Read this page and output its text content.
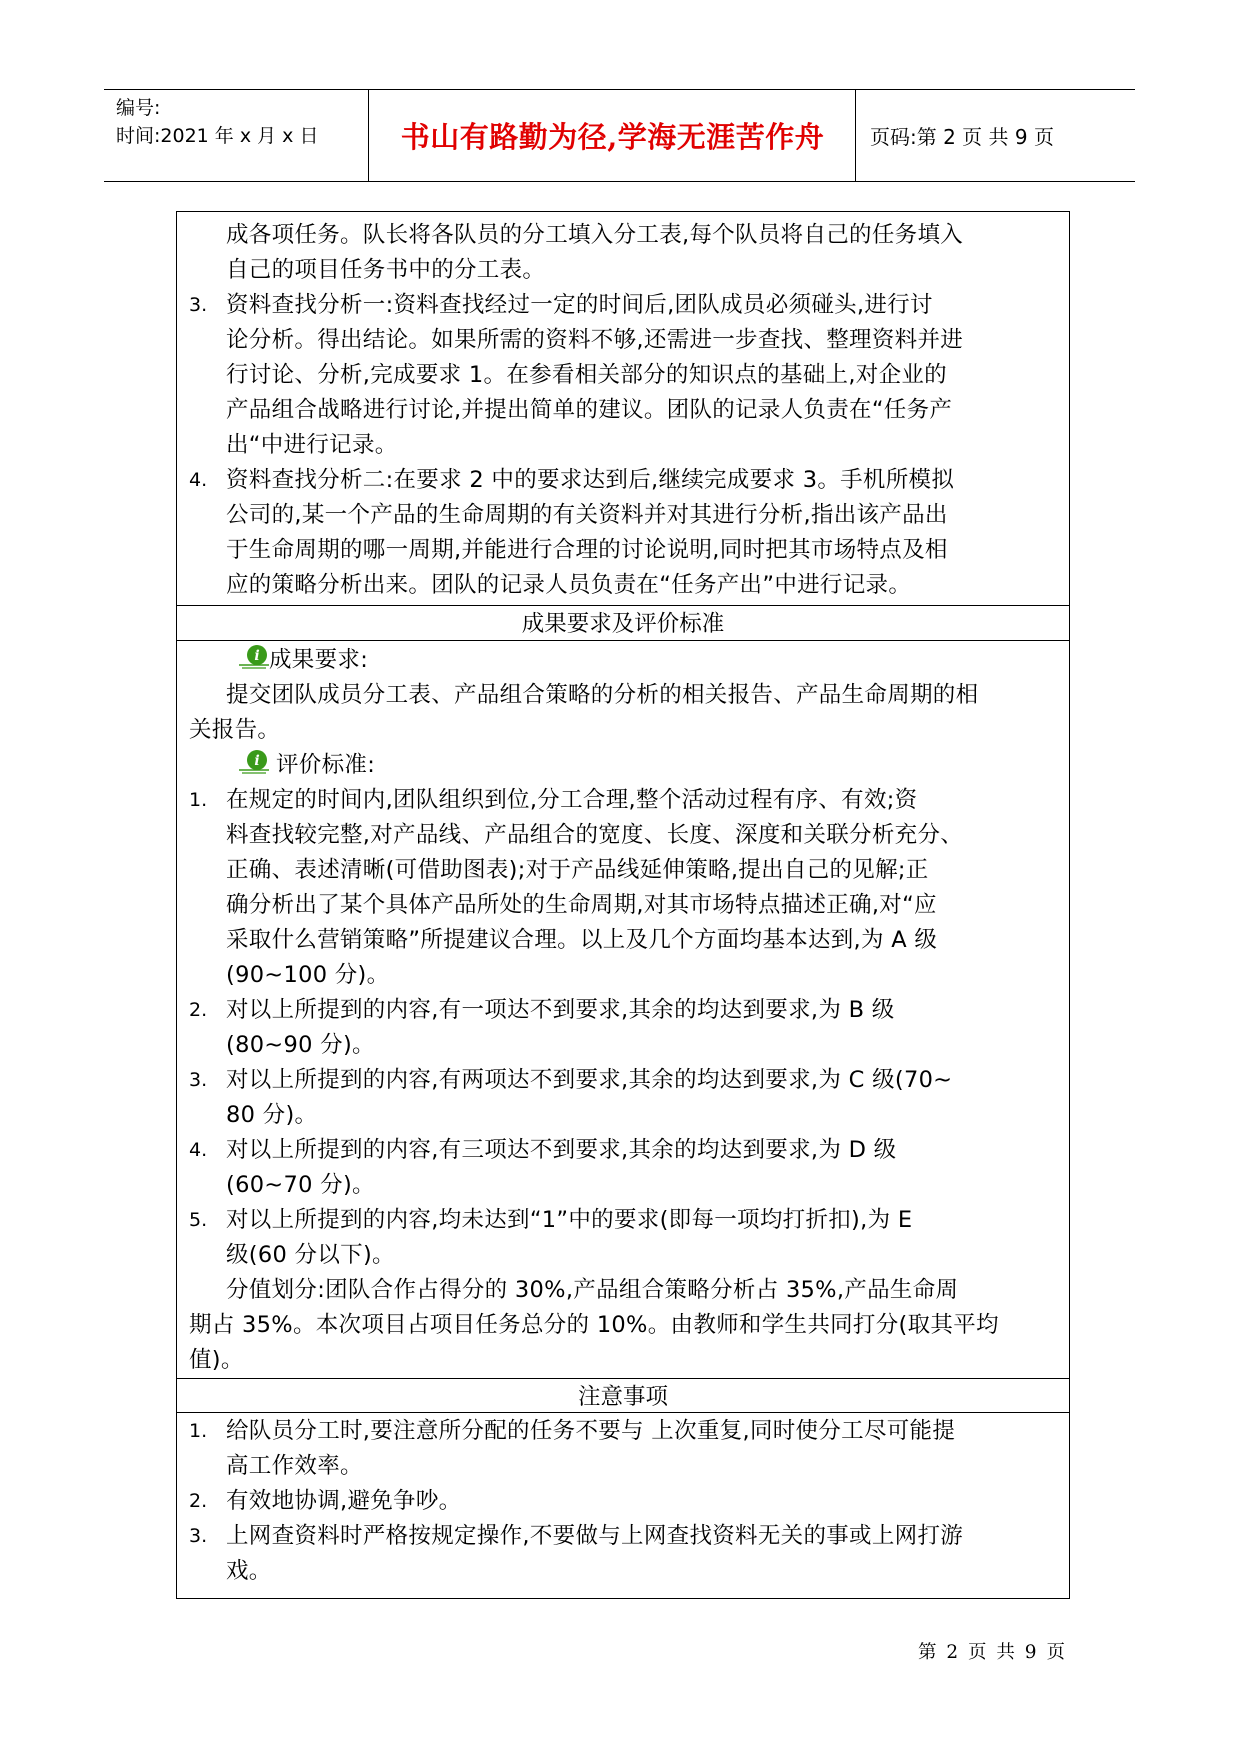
编号:
时间:2021 年 x 月 x 日	书山有路勤为径,学海无涯苦作舟	页码:第 2 页 共 9 页
成各项任务。队长将各队员的分工填入分工表,每个队员将自己的任务填入
自己的项目任务书中的分工表。
3. 资料查找分析一:资料查找经过一定的时间后,团队成员必须碰头,进行讨
论分析。得出结论。如果所需的资料不够,还需进一步查找、整理资料并进
行讨论、分析,完成要求 1。在参看相关部分的知识点的基础上,对企业的
产品组合战略进行讨论,并提出简单的建议。团队的记录人负责在“任务产
出“中进行记录。
4. 资料查找分析二:在要求 2 中的要求达到后,继续完成要求 3。手机所模拟
公司的,某一个产品的生命周期的有关资料并对其进行分析,指出该产品出
于生命周期的哪一周期,并能进行合理的讨论说明,同时把其市场特点及相
应的策略分析出来。团队的记录人员负责在“任务产出”中进行记录。
成果要求及评价标准
i 成果要求:
提交团队成员分工表、产品组合策略的分析的相关报告、产品生命周期的相
关报告。
i 评价标准:
1. 在规定的时间内,团队组织到位,分工合理,整个活动过程有序、有效;资
料查找较完整,对产品线、产品组合的宽度、长度、深度和关联分析充分、
正确、表述清晰(可借助图表);对于产品线延伸策略,提出自己的见解;正
确分析出了某个具体产品所处的生命周期,对其市场特点描述正确,对“应
采取什么营销策略”所提建议合理。以上及几个方面均基本达到,为 A 级
(90~100 分)。
2. 对以上所提到的内容,有一项达不到要求,其余的均达到要求,为 B 级
(80~90 分)。
3. 对以上所提到的内容,有两项达不到要求,其余的均达到要求,为 C 级(70~
80 分)。
4. 对以上所提到的内容,有三项达不到要求,其余的均达到要求,为 D 级
(60~70 分)。
5. 对以上所提到的内容,均未达到“1”中的要求(即每一项均打折扣),为 E
级(60 分以下)。
分值划分:团队合作占得分的 30%,产品组合策略分析占 35%,产品生命周
期占 35%。本次项目占项目任务总分的 10%。由教师和学生共同打分(取其平均
值)。
注意事项
1. 给队员分工时,要注意所分配的任务不要与 上次重复,同时使分工尽可能提
高工作效率。
2. 有效地协调,避免争吵。
3. 上网查资料时严格按规定操作,不要做与上网查找资料无关的事或上网打游
戏。
第 2 页 共 9 页
